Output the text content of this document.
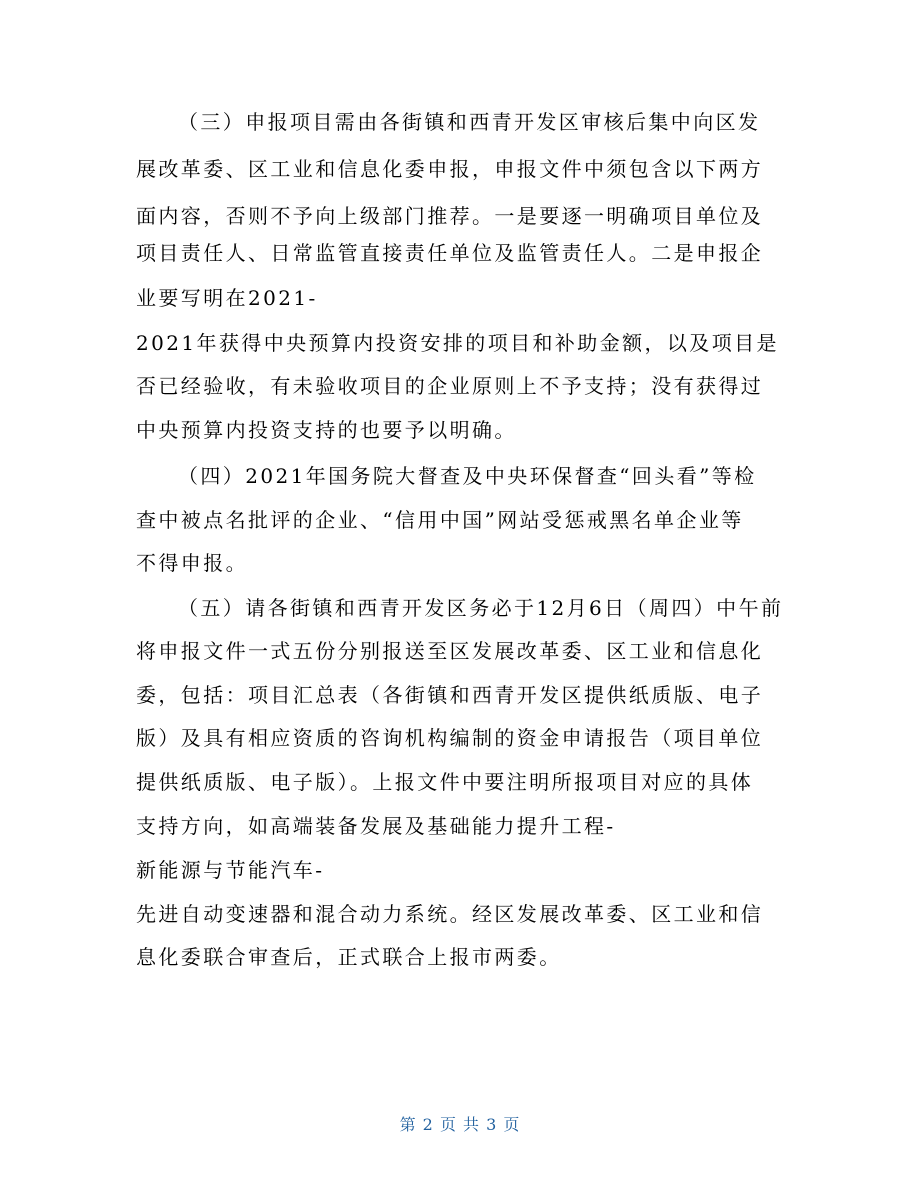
（三）申报项目需由各街镇和西青开发区审核后集中向区发
展改革委、区工业和信息化委申报，申报文件中须包含以下两方
面内容，否则不予向上级部门推荐。一是要逐一明确项目单位及
项目责任人、日常监管直接责任单位及监管责任人。二是申报企
业要写明在2021-
2021年获得中央预算内投资安排的项目和补助金额，以及项目是
否已经验收，有未验收项目的企业原则上不予支持；没有获得过
中央预算内投资支持的也要予以明确。
（四）2021年国务院大督查及中央环保督查“回头看”等检
查中被点名批评的企业、“信用中国”网站受惩戒黑名单企业等
不得申报。
（五）请各街镇和西青开发区务必于12月6日（周四）中午前
将申报文件一式五份分别报送至区发展改革委、区工业和信息化
委，包括：项目汇总表（各街镇和西青开发区提供纸质版、电子
版）及具有相应资质的咨询机构编制的资金申请报告（项目单位
提供纸质版、电子版）。上报文件中要注明所报项目对应的具体
支持方向，如高端装备发展及基础能力提升工程-
新能源与节能汽车-
先进自动变速器和混合动力系统。经区发展改革委、区工业和信
息化委联合审查后，正式联合上报市两委。
第 2 页 共 3 页
